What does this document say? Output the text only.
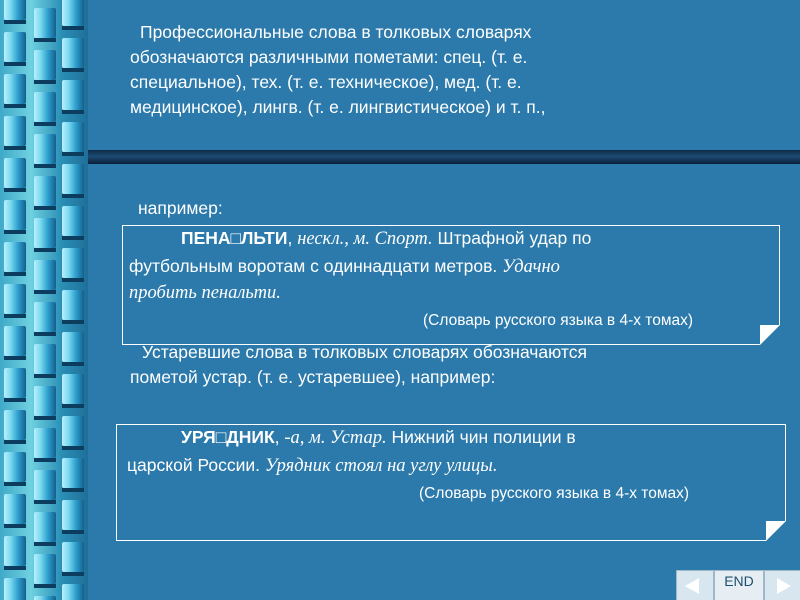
Профессиональные слова в толковых словарях
обозначаются различными пометами: спец. (т. е.
специальное), тех. (т. е. техническое), мед. (т. е.
медицинское), лингв. (т. е. лингвистическое) и т. п.,
например:
ПЕНА□ЛЬТИ, нескл., м. Спорт. Штрафной удар по
футбольным воротам с одиннадцати метров. Удачно
пробить пенальти.
(Словарь русского языка в 4-х томах)
Устаревшие слова в толковых словарях обозначаются
пометой устар. (т. е. устаревшее), например:
УРЯ□ДНИК, -а, м. Устар. Нижний чин полиции в
царской России. Урядник стоял на углу улицы.
(Словарь русского языка в 4-х томах)
END
